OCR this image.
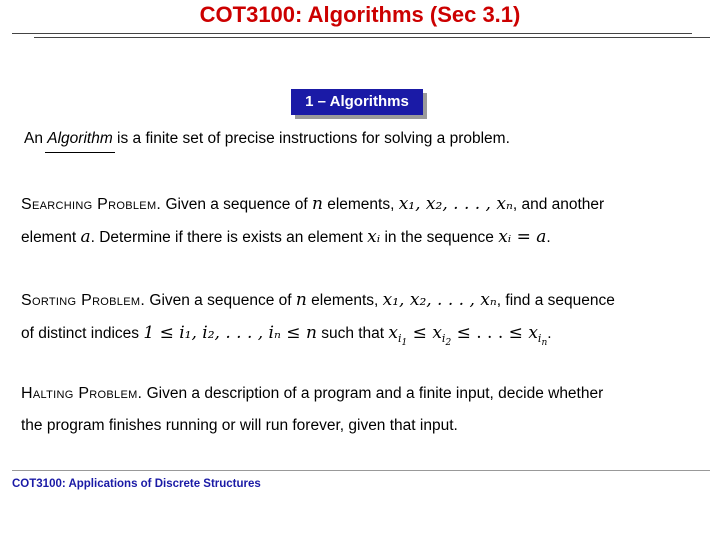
COT3100: Algorithms (Sec 3.1)
1 – Algorithms
An Algorithm
is a finite set of precise instructions for solving a problem.
Searching Problem. Given a sequence of n elements, x₁, x₂, . . . , xₙ, and another
element a. Determine if there is exists an element xᵢ in the sequence xᵢ = a.
Sorting Problem. Given a sequence of n elements, x₁, x₂, . . . , xₙ, find a sequence
of distinct indices 1 ≤ i₁, i₂, . . . , iₙ ≤ n such that $x_{i_1} \le x_{i_2}$ ≤ . . . ≤ $x_{i_n}$.
Halting Problem. Given a description of a program and a finite input, decide whether
the program finishes running or will run forever, given that input.
COT3100: Applications of Discrete Structures
